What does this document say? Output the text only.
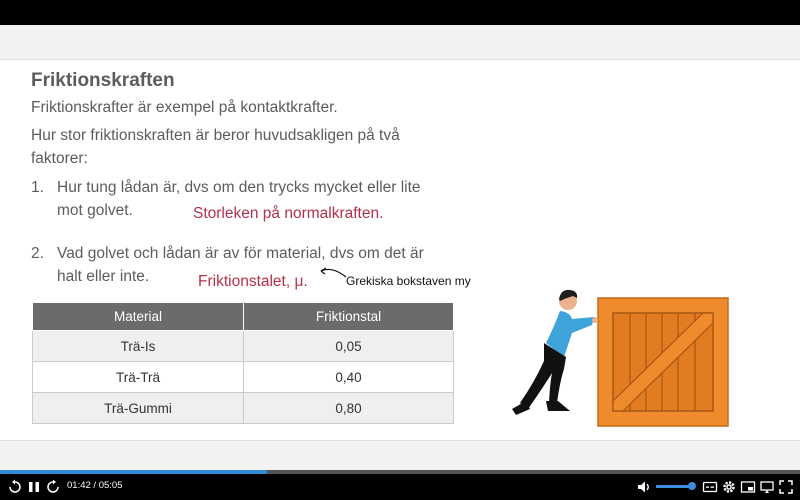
Friktionskraften
Friktionskrafter är exempel på kontaktkrafter.
Hur stor friktionskraften är beror huvudsakligen på två
faktorer:
1. Hur tung lådan är, dvs om den trycks mycket eller lite
mot golvet.	Storleken på normalkraften.
2. Vad golvet och lådan är av för material, dvs om det är
halt eller inte.	Friktionstalet, μ.	Grekiska bokstaven my
Material	Friktionstal
Trä-Is	0,05
Trä-Trä	0,40
Trä-Gummi	0,80
01:42 / 05:05
